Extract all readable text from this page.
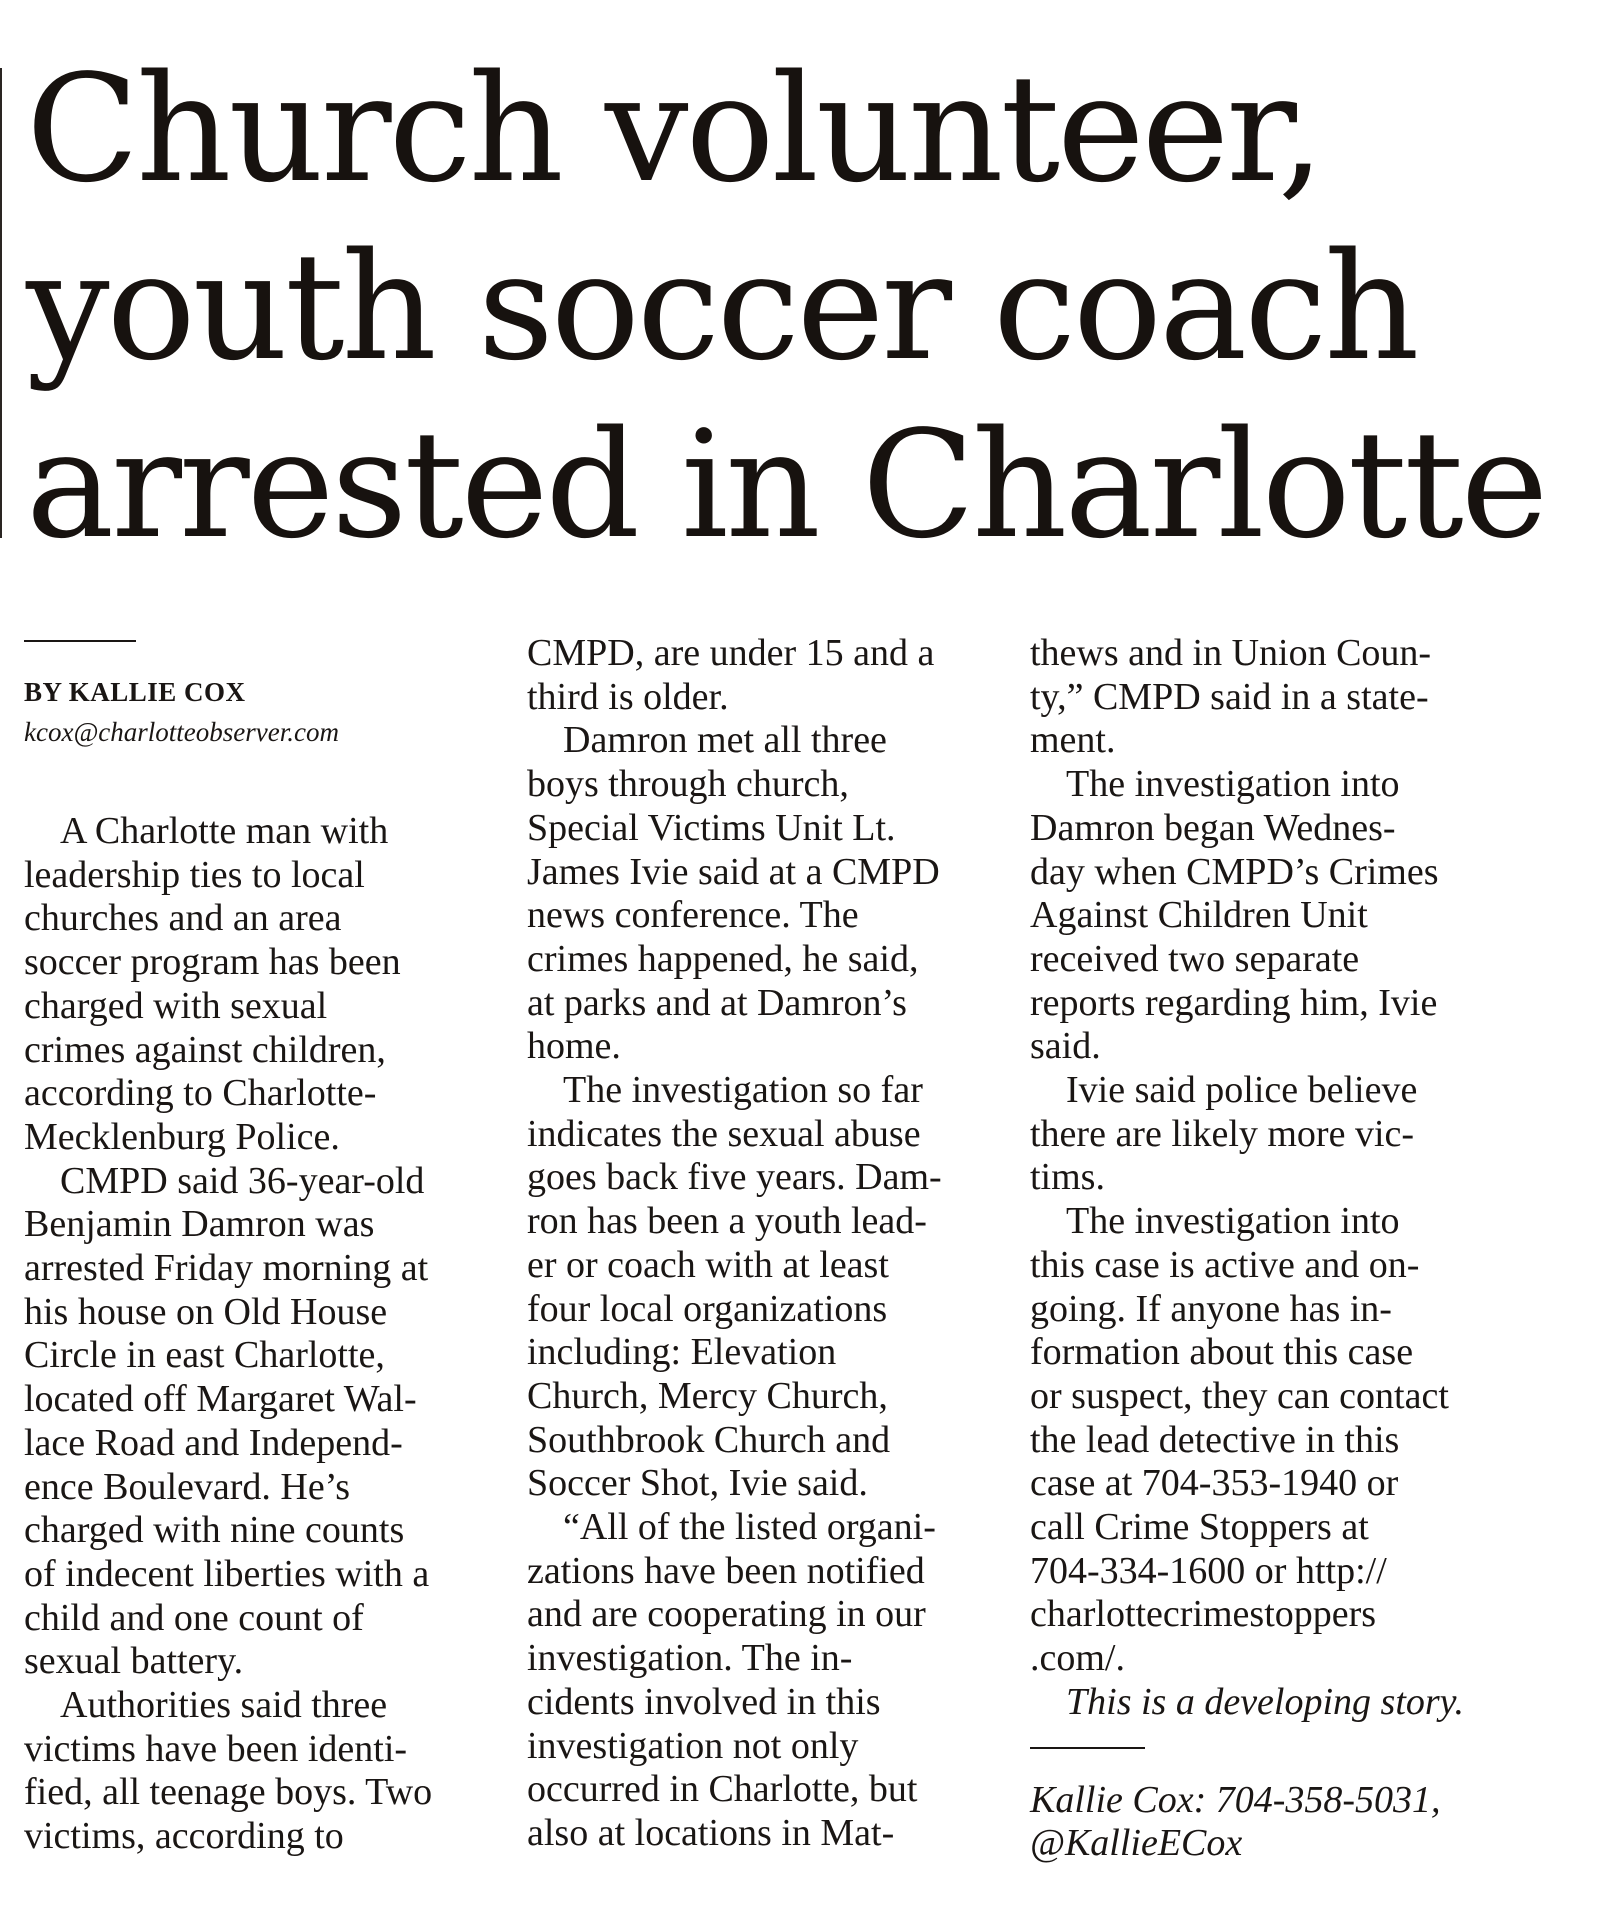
Church volunteer,
youth soccer coach
arrested in Charlotte
BY KALLIE COX
kcox@charlotteobserver.com

A Charlotte man with

leadership ties to local

churches and an area

soccer program has been

charged with sexual

crimes against children,

according to Charlotte-

Mecklenburg Police.

CMPD said 36-year-old

Benjamin Damron was

arrested Friday morning at

his house on Old House

Circle in east Charlotte,

located off Margaret Wal-

lace Road and Independ-

ence Boulevard. He’s

charged with nine counts

of indecent liberties with a

child and one count of

sexual battery.

Authorities said three

victims have been identi-

fied, all teenage boys. Two

victims, according to

CMPD, are under 15 and a

third is older.

Damron met all three

boys through church,

Special Victims Unit Lt.

James Ivie said at a CMPD

news conference. The

crimes happened, he said,

at parks and at Damron’s

home.

The investigation so far

indicates the sexual abuse

goes back five years. Dam-

ron has been a youth lead-

er or coach with at least

four local organizations

including: Elevation

Church, Mercy Church,

Southbrook Church and

Soccer Shot, Ivie said.

“All of the listed organi-

zations have been notified

and are cooperating in our

investigation. The in-

cidents involved in this

investigation not only

occurred in Charlotte, but

also at locations in Mat-

thews and in Union Coun-

ty,” CMPD said in a state-

ment.

The investigation into

Damron began Wednes-

day when CMPD’s Crimes

Against Children Unit

received two separate

reports regarding him, Ivie

said.

Ivie said police believe

there are likely more vic-

tims.

The investigation into

this case is active and on-

going. If anyone has in-

formation about this case

or suspect, they can contact

the lead detective in this

case at 704-353-1940 or

call Crime Stoppers at

704-334-1600 or http://

charlottecrimestoppers

.com/.

This is a developing story.

Kallie Cox: 704-358-5031,

@KallieECox
